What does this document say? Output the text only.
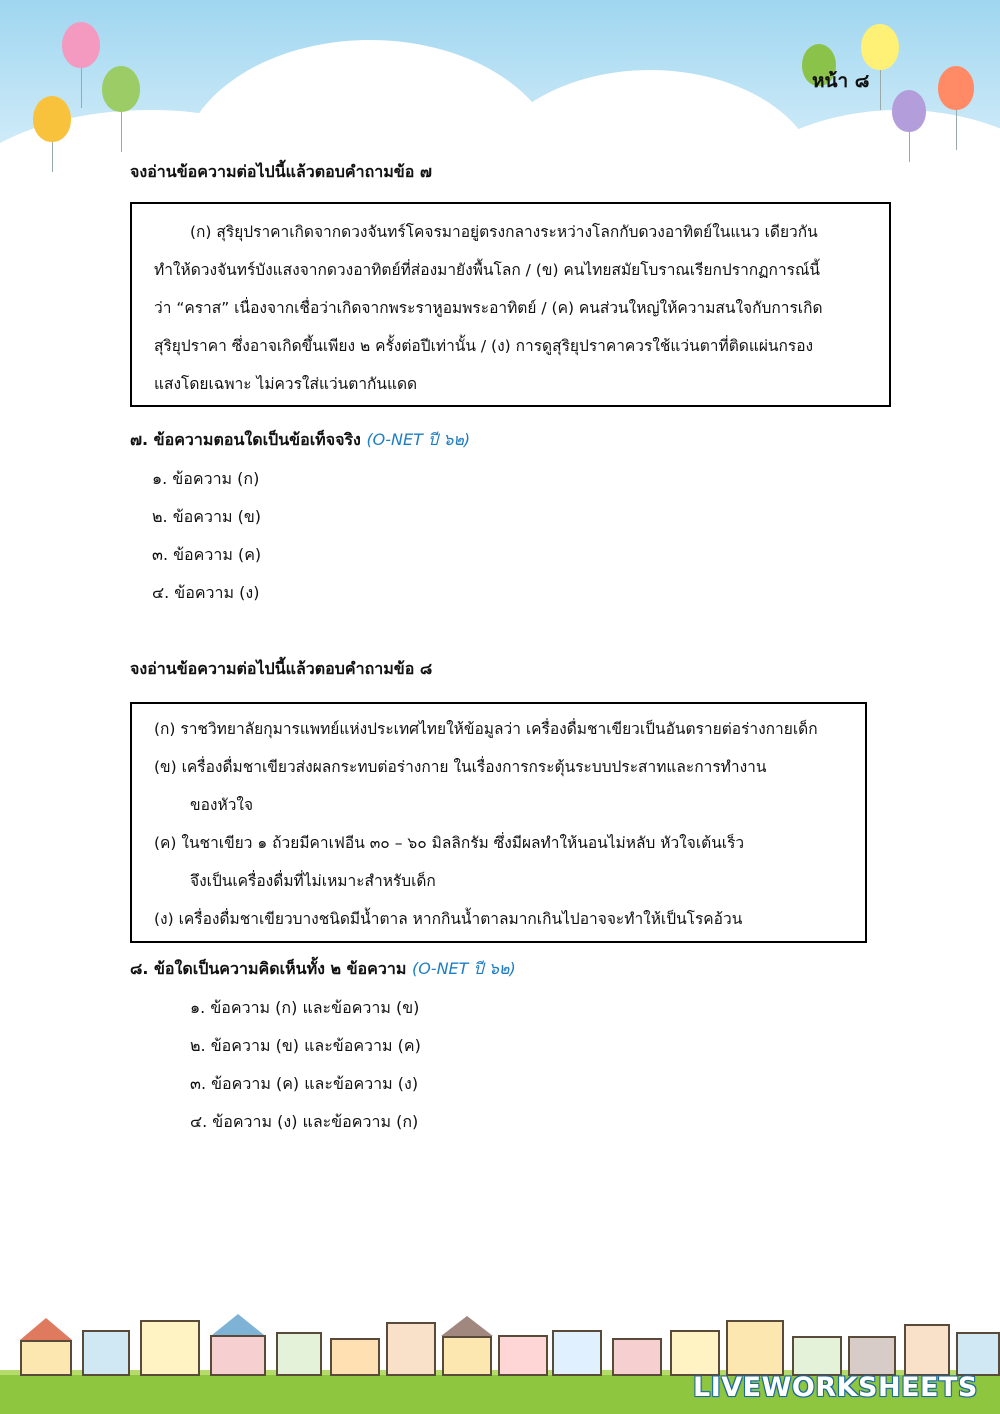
หน้า ๘
จงอ่านข้อความต่อไปนี้แล้วตอบคำถามข้อ ๗

(ก) สุริยุปราคาเกิดจากดวงจันทร์โคจรมาอยู่ตรงกลางระหว่างโลกกับดวงอาทิตย์ในแนว เดียวกัน

ทำให้ดวงจันทร์บังแสงจากดวงอาทิตย์ที่ส่องมายังพื้นโลก / (ข) คนไทยสมัยโบราณเรียกปรากฏการณ์นี้

ว่า “คราส” เนื่องจากเชื่อว่าเกิดจากพระราหูอมพระอาทิตย์ / (ค) คนส่วนใหญ่ให้ความสนใจกับการเกิด

สุริยุปราคา ซึ่งอาจเกิดขึ้นเพียง ๒ ครั้งต่อปีเท่านั้น / (ง) การดูสุริยุปราคาควรใช้แว่นตาที่ติดแผ่นกรอง

แสงโดยเฉพาะ ไม่ควรใส่แว่นตากันแดด

๗. ข้อความตอนใดเป็นข้อเท็จจริง (O-NET ปี ๖๒)
๑. ข้อความ (ก)
๒. ข้อความ (ข)
๓. ข้อความ (ค)
๔. ข้อความ (ง)
จงอ่านข้อความต่อไปนี้แล้วตอบคำถามข้อ ๘

(ก) ราชวิทยาลัยกุมารแพทย์แห่งประเทศไทยให้ข้อมูลว่า เครื่องดื่มชาเขียวเป็นอันตรายต่อร่างกายเด็ก

(ข) เครื่องดื่มชาเขียวส่งผลกระทบต่อร่างกาย ในเรื่องการกระตุ้นระบบประสาทและการทำงาน

ของหัวใจ

(ค) ในชาเขียว ๑ ถ้วยมีคาเฟอีน ๓๐ – ๖๐ มิลลิกรัม ซึ่งมีผลทำให้นอนไม่หลับ หัวใจเต้นเร็ว

จึงเป็นเครื่องดื่มที่ไม่เหมาะสำหรับเด็ก

(ง) เครื่องดื่มชาเขียวบางชนิดมีน้ำตาล หากกินน้ำตาลมากเกินไปอาจจะทำให้เป็นโรคอ้วน

๘. ข้อใดเป็นความคิดเห็นทั้ง ๒ ข้อความ (O-NET ปี ๖๒)
๑. ข้อความ (ก) และข้อความ (ข)
๒. ข้อความ (ข) และข้อความ (ค)
๓. ข้อความ (ค) และข้อความ (ง)
๔. ข้อความ (ง) และข้อความ (ก)
LIVEWORKSHEETS
